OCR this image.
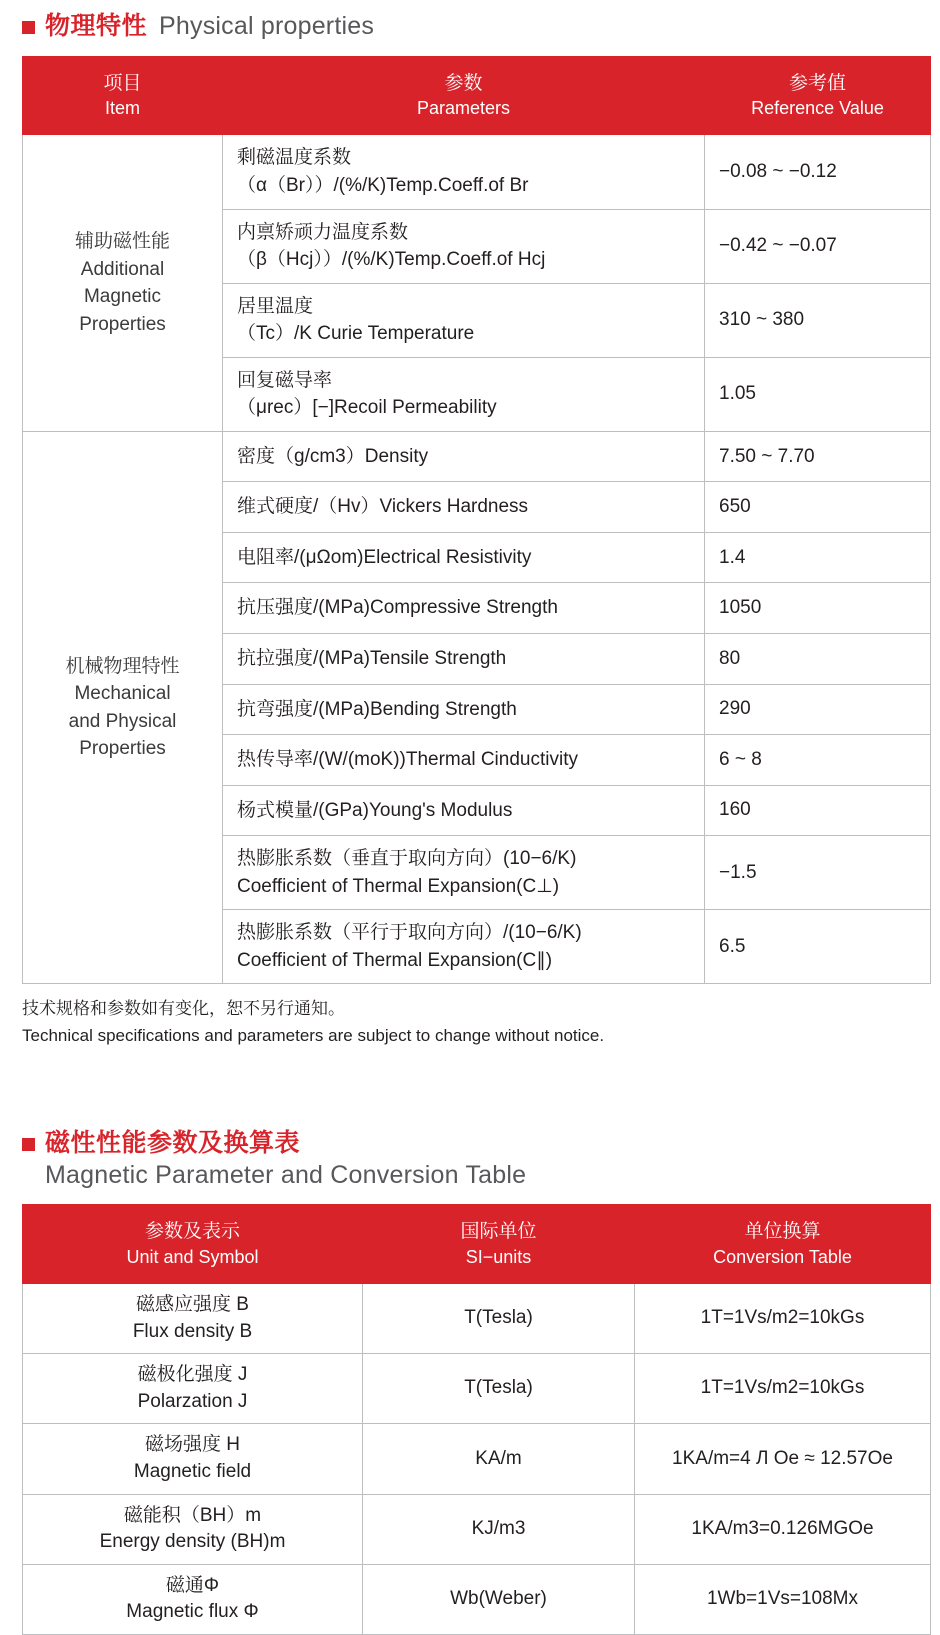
物理特性 Physical properties
项目
Item	参数
Parameters	参考值
Reference Value

辅助磁性能
Additional
Magnetic
Properties	剩磁温度系数
（α（Br））/(%/K)Temp.Coeff.of Br	−0.08 ~ −0.12

	内禀矫顽力温度系数
（β（Hcj））/(%/K)Temp.Coeff.of Hcj	−0.42 ~ −0.07

	居里温度
（Tc）/K Curie Temperature	310 ~ 380

	回复磁导率
（μrec）[−]Recoil Permeability	1.05

机械物理特性
Mechanical
and Physical
Properties	密度（g/cm3）Density	7.50 ~ 7.70
	维式硬度/（Hv）Vickers Hardness	650
	电阻率/(μΩom)Electrical Resistivity	1.4
	抗压强度/(MPa)Compressive Strength	1050
	抗拉强度/(MPa)Tensile Strength	80
	抗弯强度/(MPa)Bending Strength	290
	热传导率/(W/(moK))Thermal Cinductivity	6 ~ 8
	杨式模量/(GPa)Young's Modulus	160

	热膨胀系数（垂直于取向方向）(10−6/K)
Coefficient of Thermal Expansion(C⊥)	−1.5

	热膨胀系数（平行于取向方向）/(10−6/K)
Coefficient of Thermal Expansion(C∥)	6.5
技术规格和参数如有变化，恕不另行通知。
Technical specifications and parameters are subject to change without notice.
磁性性能参数及换算表
Magnetic Parameter and Conversion Table
参数及表示
Unit and Symbol	国际单位
SI−units	单位换算
Conversion Table

磁感应强度 B
Flux density B	T(Tesla)	1T=1Vs/m2=10kGs

磁极化强度 J
Polarzation J	T(Tesla)	1T=1Vs/m2=10kGs

磁场强度 H
Magnetic field	KA/m	1KA/m=4 Л Oe ≈ 12.57Oe

磁能积（BH）m
Energy density (BH)m	KJ/m3	1KA/m3=0.126MGOe

磁通Φ
Magnetic flux Φ	Wb(Weber)	1Wb=1Vs=108Mx
